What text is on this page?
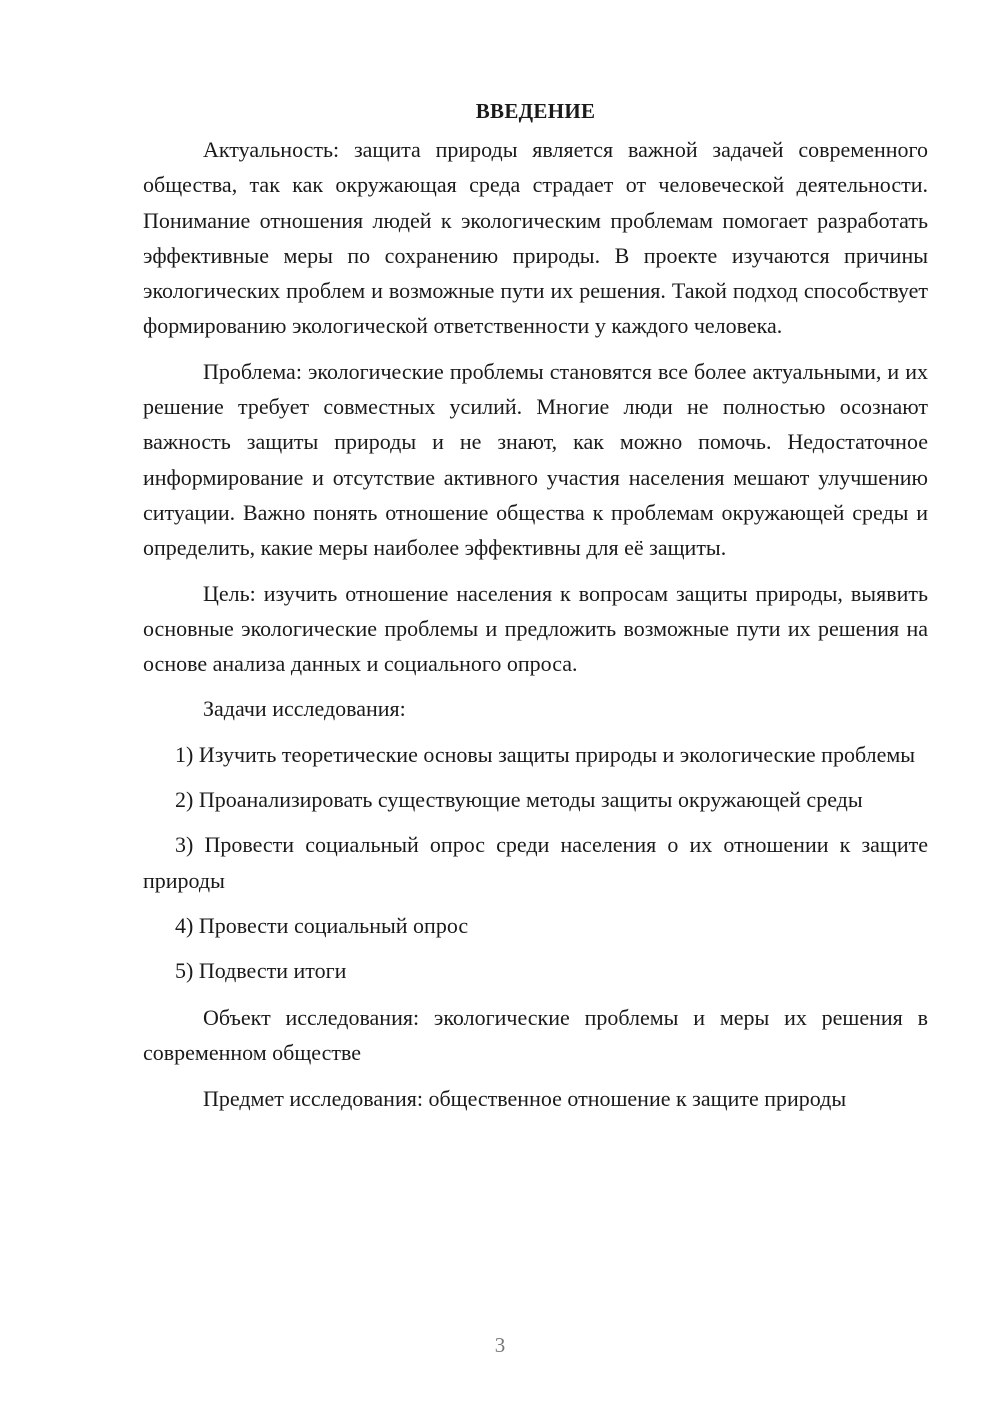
ВВЕДЕНИЕ

Актуальность: защита природы является важной задачей современного общества, так как окружающая среда страдает от человеческой деятельности. Понимание отношения людей к экологическим проблемам помогает разработать эффективные меры по сохранению природы. В проекте изучаются причины экологических проблем и возможные пути их решения. Такой подход способствует формированию экологической ответственности у каждого человека.

Проблема: экологические проблемы становятся все более актуальными, и их решение требует совместных усилий. Многие люди не полностью осознают важность защиты природы и не знают, как можно помочь. Недостаточное информирование и отсутствие активного участия населения мешают улучшению ситуации. Важно понять отношение общества к проблемам окружающей среды и определить, какие меры наиболее эффективны для её защиты.

Цель: изучить отношение населения к вопросам защиты природы, выявить основные экологические проблемы и предложить возможные пути их решения на основе анализа данных и социального опроса.

Задачи исследования:

1) Изучить теоретические основы защиты природы и экологические проблемы

2) Проанализировать существующие методы защиты окружающей среды

3) Провести социальный опрос среди населения о их отношении к защите природы

4) Провести социальный опрос

5) Подвести итоги

Объект исследования: экологические проблемы и меры их решения в современном обществе

Предмет исследования: общественное отношение к защите природы

3
